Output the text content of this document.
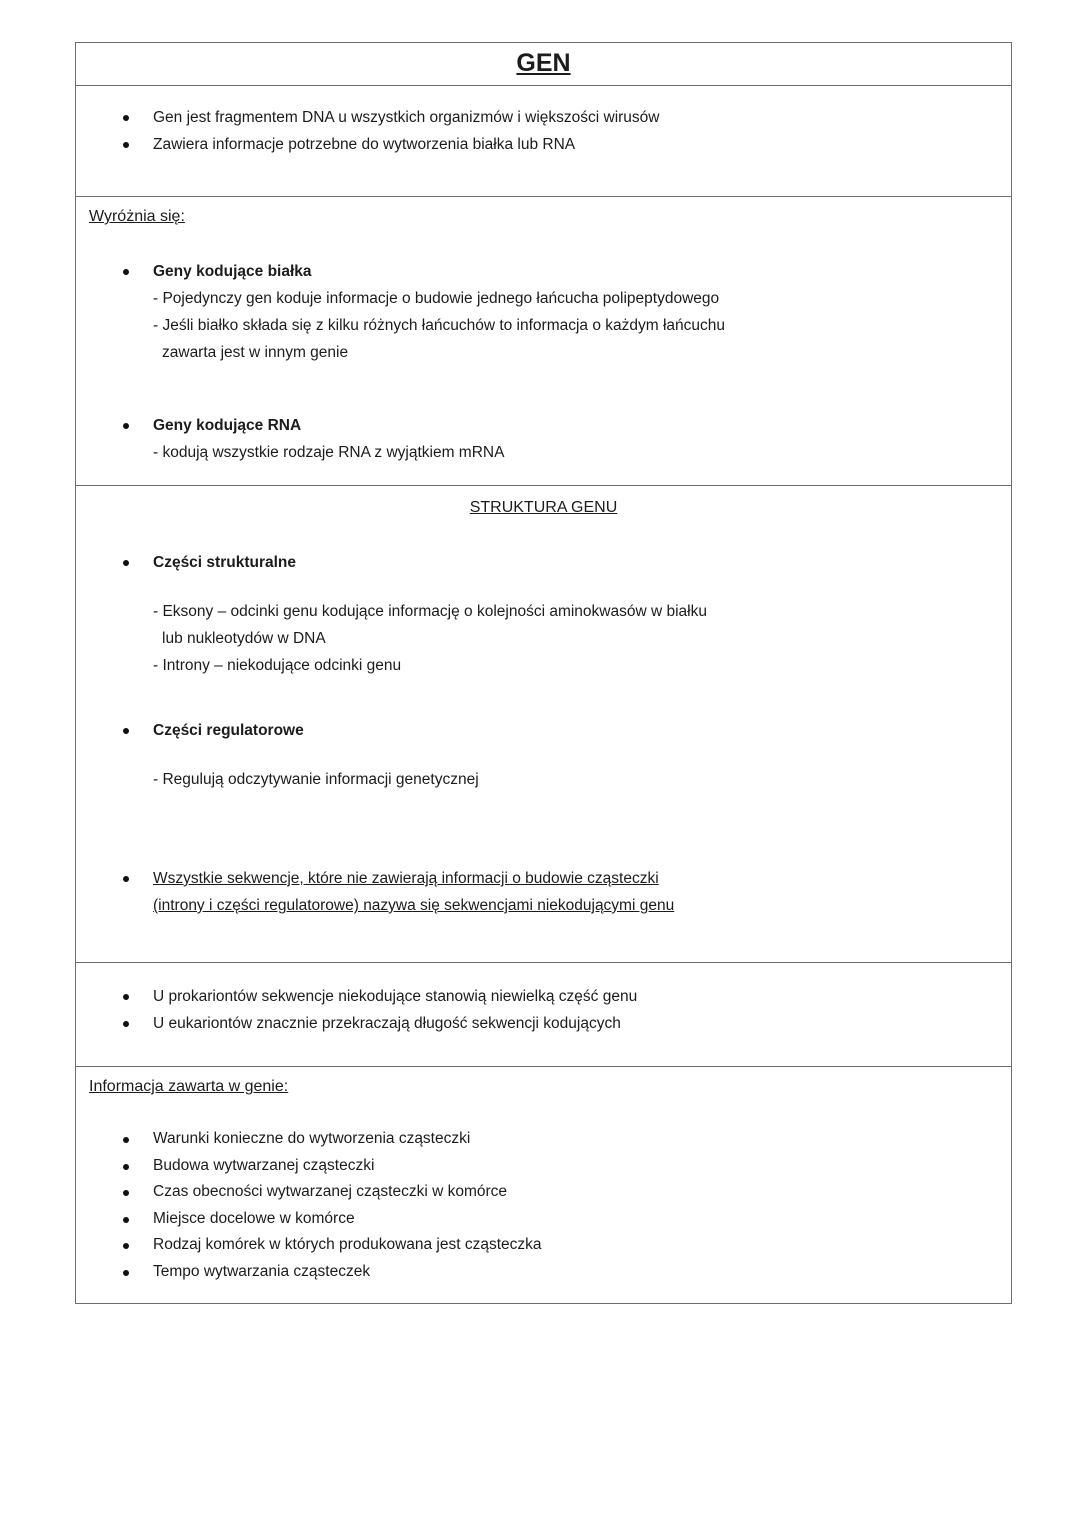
GEN
Gen jest fragmentem DNA u wszystkich organizmów i większości wirusów
Zawiera informacje potrzebne do wytworzenia białka lub RNA
Wyróżnia się:
Geny kodujące białka
- Pojedynczy gen koduje informacje o budowie jednego łańcucha polipeptydowego
- Jeśli białko składa się z kilku różnych łańcuchów to informacja o każdym łańcuchu
zawarta jest w innym genie
Geny kodujące RNA
- kodują wszystkie rodzaje RNA z wyjątkiem mRNA
STRUKTURA GENU
Części strukturalne
- Eksony – odcinki genu kodujące informację o kolejności aminokwasów w białku
lub nukleotydów w DNA
- Introny – niekodujące odcinki genu
Części regulatorowe
- Regulują odczytywanie informacji genetycznej
Wszystkie sekwencje, które nie zawierają informacji o budowie cząsteczki
(introny i części regulatorowe) nazywa się sekwencjami niekodującymi genu
U prokariontów sekwencje niekodujące stanowią niewielką część genu
U eukariontów znacznie przekraczają długość sekwencji kodujących
Informacja zawarta w genie:
Warunki konieczne do wytworzenia cząsteczki
Budowa wytwarzanej cząsteczki
Czas obecności wytwarzanej cząsteczki w komórce
Miejsce docelowe w komórce
Rodzaj komórek w których produkowana jest cząsteczka
Tempo wytwarzania cząsteczek
